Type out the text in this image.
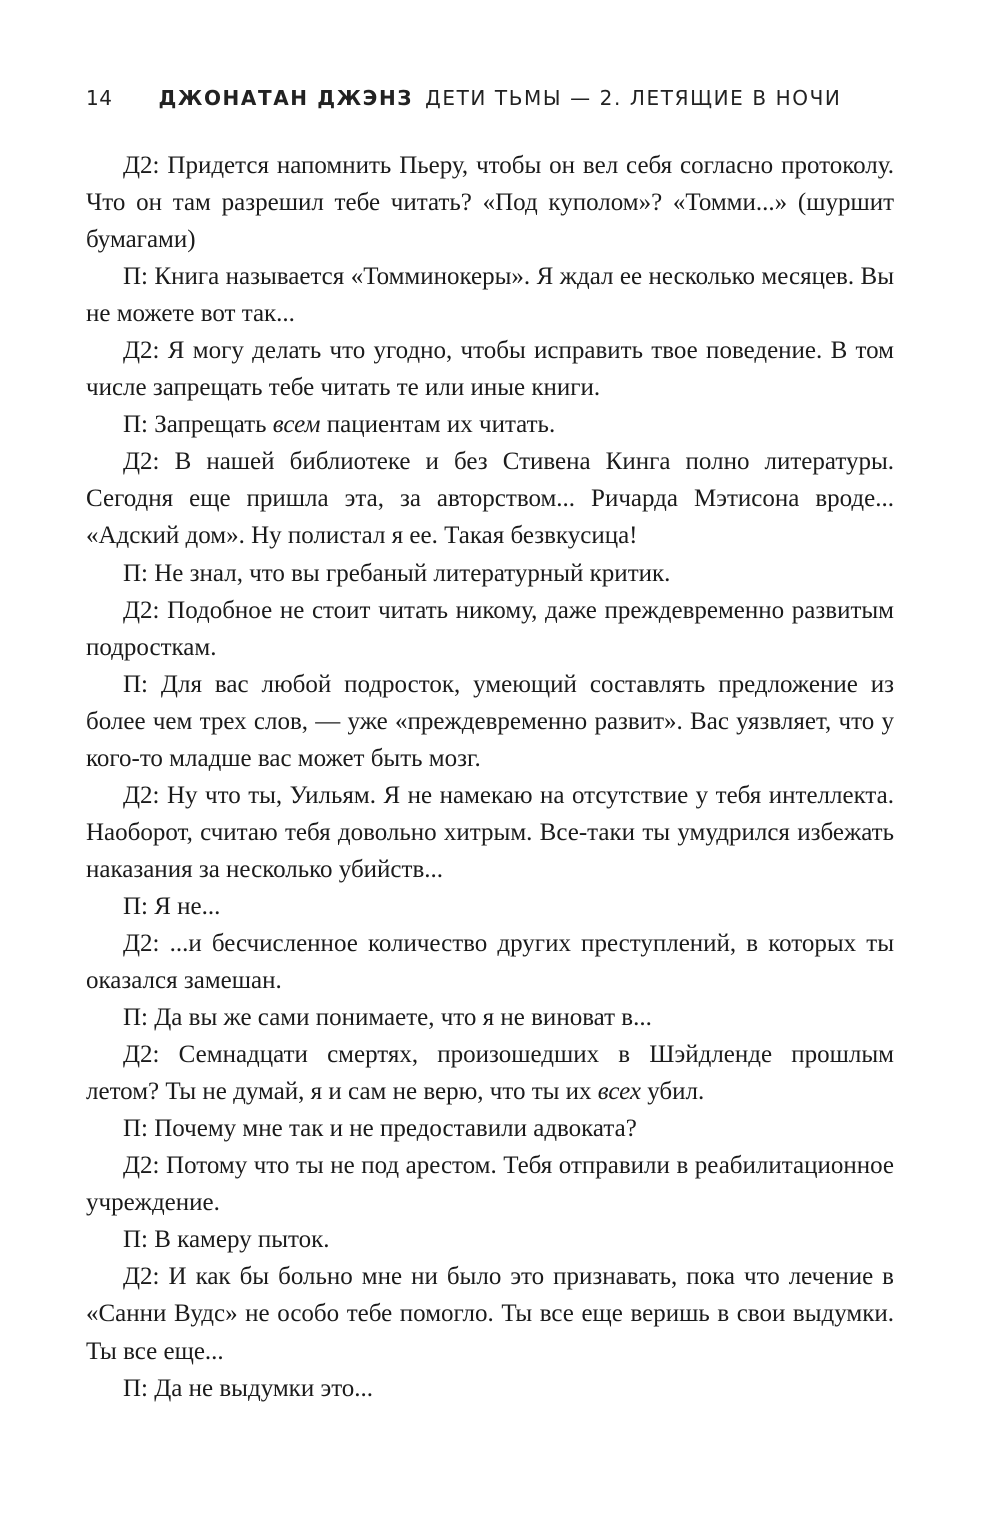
14 ДЖОНАТАН ДЖЭНЗ ДЕТИ ТЬМЫ — 2. ЛЕТЯЩИЕ В НОЧИ

Д2: Придется напомнить Пьеру, чтобы он вел себя согласно протоколу. Что он там разрешил тебе читать? «Под куполом»? «Томми...» (шуршит бумагами)

П: Книга называется «Томминокеры». Я ждал ее несколько месяцев. Вы не можете вот так...

Д2: Я могу делать что угодно, чтобы исправить твое поведение. В том числе запрещать тебе читать те или иные книги.

П: Запрещать всем пациентам их читать.

Д2: В нашей библиотеке и без Стивена Кинга полно литературы. Сегодня еще пришла эта, за авторством... Ричарда Мэтисона вроде... «Адский дом». Ну полистал я ее. Такая безвкусица!

П: Не знал, что вы гребаный литературный критик.

Д2: Подобное не стоит читать никому, даже преждевременно развитым подросткам.

П: Для вас любой подросток, умеющий составлять предложение из более чем трех слов, — уже «преждевременно развит». Вас уязвляет, что у кого-то младше вас может быть мозг.

Д2: Ну что ты, Уильям. Я не намекаю на отсутствие у тебя интеллекта. Наоборот, считаю тебя довольно хитрым. Все-таки ты умудрился избежать наказания за несколько убийств...

П: Я не...

Д2: ...и бесчисленное количество других преступлений, в которых ты оказался замешан.

П: Да вы же сами понимаете, что я не виноват в...

Д2: Семнадцати смертях, произошедших в Шэйдленде прошлым летом? Ты не думай, я и сам не верю, что ты их всех убил.

П: Почему мне так и не предоставили адвоката?

Д2: Потому что ты не под арестом. Тебя отправили в реабилитационное учреждение.

П: В камеру пыток.

Д2: И как бы больно мне ни было это признавать, пока что лечение в «Санни Вудс» не особо тебе помогло. Ты все еще веришь в свои выдумки. Ты все еще...

П: Да не выдумки это...
